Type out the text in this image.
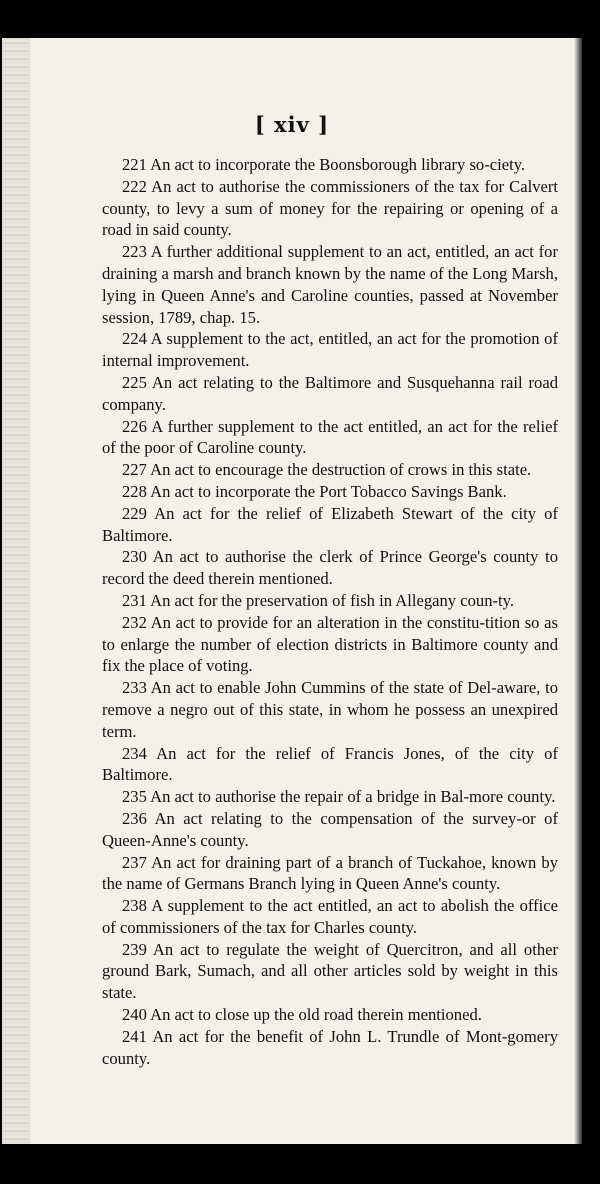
[ xiv ]

221 An act to incorporate the Boonsborough library so-ciety.

222 An act to authorise the commissioners of the tax for Calvert county, to levy a sum of money for the repairing or opening of a road in said county.

223 A further additional supplement to an act, entitled, an act for draining a marsh and branch known by the name of the Long Marsh, lying in Queen Anne's and Caroline counties, passed at November session, 1789, chap. 15.

224 A supplement to the act, entitled, an act for the promotion of internal improvement.

225 An act relating to the Baltimore and Susquehanna rail road company.

226 A further supplement to the act entitled, an act for the relief of the poor of Caroline county.

227 An act to encourage the destruction of crows in this state.

228 An act to incorporate the Port Tobacco Savings Bank.

229 An act for the relief of Elizabeth Stewart of the city of Baltimore.

230 An act to authorise the clerk of Prince George's county to record the deed therein mentioned.

231 An act for the preservation of fish in Allegany coun-ty.

232 An act to provide for an alteration in the constitu-tition so as to enlarge the number of election districts in Baltimore county and fix the place of voting.

233 An act to enable John Cummins of the state of Del-aware, to remove a negro out of this state, in whom he possess an unexpired term.

234 An act for the relief of Francis Jones, of the city of Baltimore.

235 An act to authorise the repair of a bridge in Bal-more county.

236 An act relating to the compensation of the survey-or of Queen-Anne's county.

237 An act for draining part of a branch of Tuckahoe, known by the name of Germans Branch lying in Queen Anne's county.

238 A supplement to the act entitled, an act to abolish the office of commissioners of the tax for Charles county.

239 An act to regulate the weight of Quercitron, and all other ground Bark, Sumach, and all other articles sold by weight in this state.

240 An act to close up the old road therein mentioned.

241 An act for the benefit of John L. Trundle of Mont-gomery county.
